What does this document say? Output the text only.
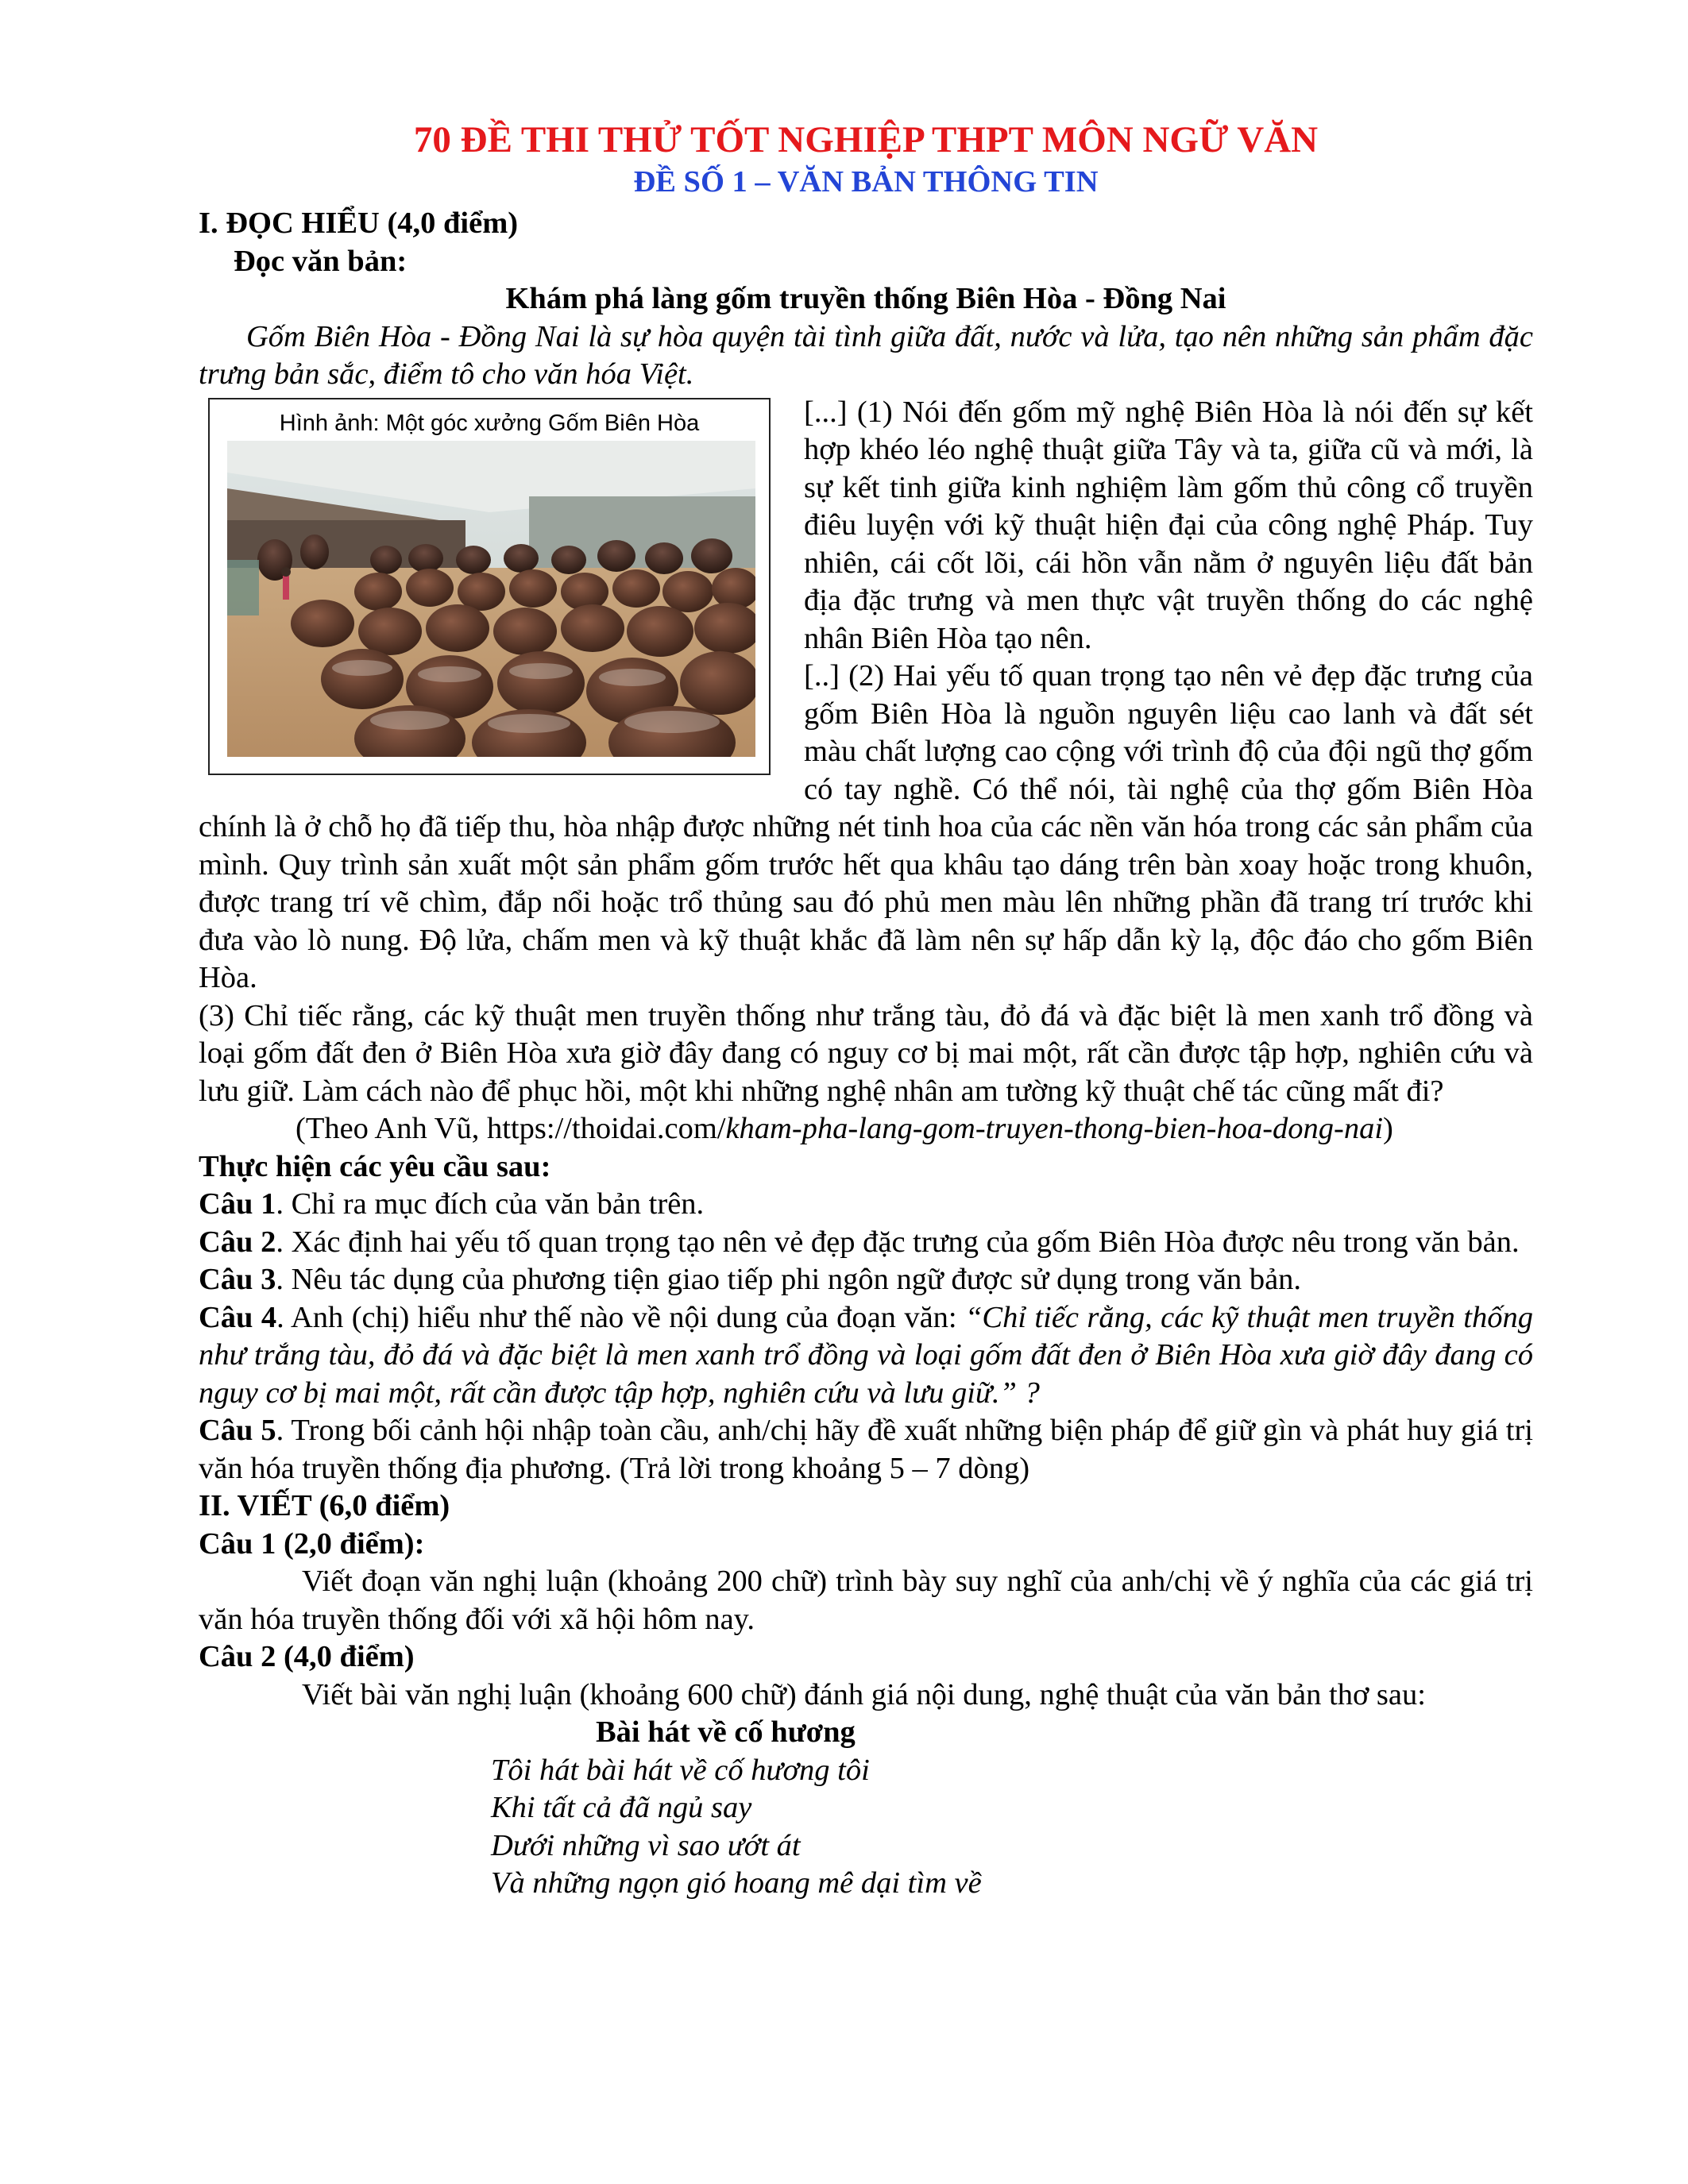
70 ĐỀ THI THỬ TỐT NGHIỆP THPT MÔN NGỮ VĂN

ĐỀ SỐ 1 – VĂN BẢN THÔNG TIN

I. ĐỌC HIỂU (4,0 điểm)

Đọc văn bản:

Khám phá làng gốm truyền thống Biên Hòa - Đồng Nai

Gốm Biên Hòa - Đồng Nai là sự hòa quyện tài tình giữa đất, nước và lửa, tạo nên những sản phẩm đặc trưng bản sắc, điểm tô cho văn hóa Việt.

Hình ảnh: Một góc xưởng Gốm Biên Hòa	[...] (1) Nói đến gốm mỹ nghệ Biên Hòa là nói đến sự kết hợp khéo léo nghệ thuật giữa Tây và ta, giữa cũ và mới, là sự kết tinh giữa kinh nghiệm làm gốm thủ công cổ truyền điêu luyện với kỹ thuật hiện đại của công nghệ Pháp. Tuy nhiên, cái cốt lõi, cái hồn vẫn nằm ở nguyên liệu đất bản địa đặc trưng và men thực vật truyền thống do các nghệ nhân Biên Hòa tạo nên.

[..] (2) Hai yếu tố quan trọng tạo nên vẻ đẹp đặc trưng của gốm Biên Hòa là nguồn nguyên liệu cao lanh và đất sét màu chất lượng cao cộng với trình độ của đội ngũ thợ gốm có tay nghề. Có thể nói, tài nghệ của thợ gốm Biên Hòa chính là ở chỗ họ đã tiếp thu, hòa nhập được những nét tinh hoa của các nền văn hóa trong các sản phẩm của mình. Quy trình sản xuất một sản phẩm gốm trước hết qua khâu tạo dáng trên bàn xoay hoặc trong khuôn, được trang trí vẽ chìm, đắp nổi hoặc trổ thủng sau đó phủ men màu lên những phần đã trang trí trước khi đưa vào lò nung. Độ lửa, chấm men và kỹ thuật khắc đã làm nên sự hấp dẫn kỳ lạ, độc đáo cho gốm Biên Hòa.

(3) Chỉ tiếc rằng, các kỹ thuật men truyền thống như trắng tàu, đỏ đá và đặc biệt là men xanh trổ đồng và loại gốm đất đen ở Biên Hòa xưa giờ đây đang có nguy cơ bị mai một, rất cần được tập hợp, nghiên cứu và lưu giữ. Làm cách nào để phục hồi, một khi những nghệ nhân am tường kỹ thuật chế tác cũng mất đi?

(Theo Anh Vũ, https://thoidai.com/kham-pha-lang-gom-truyen-thong-bien-hoa-dong-nai)

Thực hiện các yêu cầu sau:

Câu 1. Chỉ ra mục đích của văn bản trên.

Câu 2. Xác định hai yếu tố quan trọng tạo nên vẻ đẹp đặc trưng của gốm Biên Hòa được nêu trong văn bản.

Câu 3. Nêu tác dụng của phương tiện giao tiếp phi ngôn ngữ được sử dụng trong văn bản.

Câu 4. Anh (chị) hiểu như thế nào về nội dung của đoạn văn: “Chỉ tiếc rằng, các kỹ thuật men truyền thống như trắng tàu, đỏ đá và đặc biệt là men xanh trổ đồng và loại gốm đất đen ở Biên Hòa xưa giờ đây đang có nguy cơ bị mai một, rất cần được tập hợp, nghiên cứu và lưu giữ.” ?

Câu 5. Trong bối cảnh hội nhập toàn cầu, anh/chị hãy đề xuất những biện pháp để giữ gìn và phát huy giá trị văn hóa truyền thống địa phương. (Trả lời trong khoảng 5 – 7 dòng)

II. VIẾT (6,0 điểm)

Câu 1 (2,0 điểm):

Viết đoạn văn nghị luận (khoảng 200 chữ) trình bày suy nghĩ của anh/chị về ý nghĩa của các giá trị văn hóa truyền thống đối với xã hội hôm nay.

Câu 2 (4,0 điểm)

Viết bài văn nghị luận (khoảng 600 chữ) đánh giá nội dung, nghệ thuật của văn bản thơ sau:

Bài hát về cố hương

Tôi hát bài hát về cố hương tôi

Khi tất cả đã ngủ say

Dưới những vì sao ướt át

Và những ngọn gió hoang mê dại tìm về
